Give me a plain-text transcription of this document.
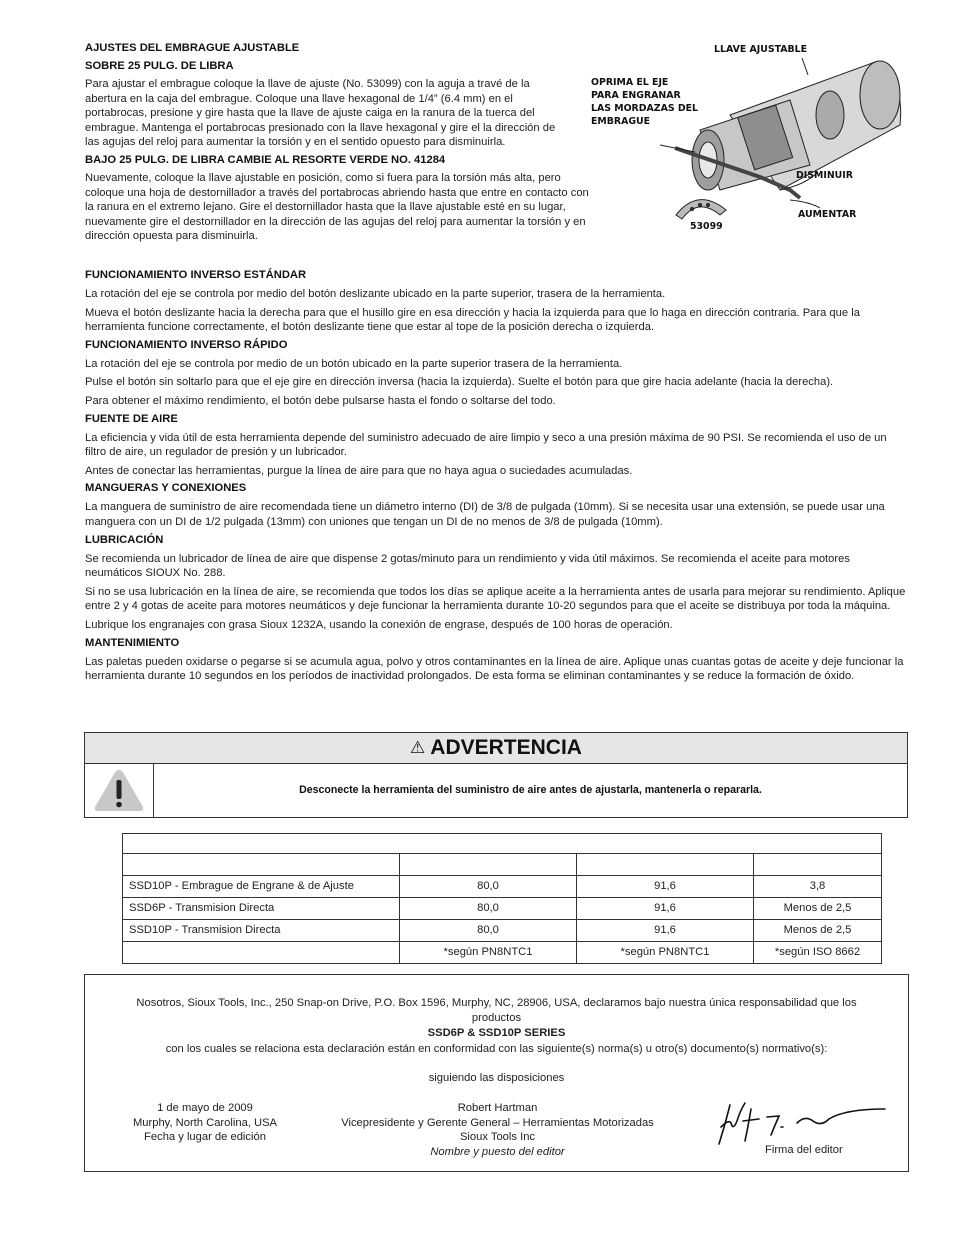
AJUSTES DEL EMBRAGUE AJUSTABLE
SOBRE 25 PULG. DE LIBRA

Para ajustar el embrague coloque la llave de ajuste (No. 53099) con la aguja a travé de la abertura en la caja del embrague. Coloque una llave hexagonal de 1/4” (6.4 mm) en el portabrocas, presione y gire hasta que la llave de ajuste caiga en la ranura de la tuerca del embrague. Mantenga el portabrocas presionado con la llave hexagonal y gire el la dirección de las agujas del reloj para aumentar la torsión y en el sentido opuesto para disminuirla.

BAJO 25 PULG. DE LIBRA CAMBIE AL RESORTE VERDE NO. 41284

Nuevamente, coloque la llave ajustable en posición, como si fuera para la torsión más alta, pero coloque una hoja de destornillador a través del portabrocas abriendo hasta que entre en contacto con la ranura en el extremo lejano. Gire el destornillador hasta que la llave ajustable esté en su lugar, nuevamente gire el destornillador en la dirección de las agujas del reloj para aumentar la torsión y en dirección opuesta para disminuirla.

LLAVE AJUSTABLE
OPRIMA EL EJE
PARA ENGRANAR
LAS MORDAZAS DEL
EMBRAGUE
DISMINUIR
AUMENTAR
53099
FUNCIONAMIENTO INVERSO ESTÁNDAR

La rotación del eje se controla por medio del botón deslizante ubicado en la parte superior, trasera de la herramienta.

Mueva el botón deslizante hacia la derecha para que el husillo gire en esa dirección y hacia la izquierda para que lo haga en dirección contraria. Para que la herramienta funcione correctamente, el botón deslizante tiene que estar al tope de la posición derecha o izquierda.

FUNCIONAMIENTO INVERSO RÁPIDO

La rotación del eje se controla por medio de un botón ubicado en la parte superior trasera de la herramienta.

Pulse el botón sin soltarlo para que el eje gire en dirección inversa (hacia la izquierda). Suelte el botón para que gire hacia adelante (hacia la derecha).

Para obtener el máximo rendimiento, el botón debe pulsarse hasta el fondo o soltarse del todo.

FUENTE DE AIRE

La eficiencia y vida útil de esta herramienta depende del suministro adecuado de aire limpio y seco a una presión máxima de 90 PSI. Se recomienda el uso de un filtro de aire, un regulador de presión y un lubricador.

Antes de conectar las herramientas, purgue la línea de aire para que no haya agua o suciedades acumuladas.

MANGUERAS Y CONEXIONES

La manguera de suministro de aire recomendada tiene un diámetro interno (DI) de 3/8 de pulgada (10mm). Si se necesita usar una extensión, se puede usar una manguera con un DI de 1/2 pulgada (13mm) con uniones que tengan un DI de no menos de 3/8 de pulgada (10mm).

LUBRICACIÓN

Se recomienda un lubricador de línea de aire que dispense 2 gotas/minuto para un rendimiento y vida útil máximos. Se recomienda el aceite para motores neumáticos SIOUX No. 288.

Si no se usa lubricación en la línea de aire, se recomienda que todos los días se aplique aceite a la herramienta antes de usarla para mejorar su rendimiento. Aplique entre 2 y 4 gotas de aceite para motores neumáticos y deje funcionar la herramienta durante 10-20 segundos para que el aceite se distribuya por toda la máquina.

Lubrique los engranajes con grasa Sioux 1232A, usando la conexión de engrase, después de 100 horas de operación.

MANTENIMIENTO

Las paletas pueden oxidarse o pegarse si se acumula agua, polvo y otros contaminantes en la línea de aire. Aplique unas cuantas gotas de aceite y deje funcionar la herramienta durante 10 segundos en los períodos de inactividad prolongados. De esta forma se eliminan contaminantes y se reduce la formación de óxido.

⚠ ADVERTENCIA
Desconecte la herramienta del suministro de aire antes de ajustarla, mantenerla o repararla.

SSD10P - Embrague de Engrane & de Ajuste	80,0	91,6	3,8
SSD6P - Transmision Directa	80,0	91,6	Menos de 2,5
SSD10P - Transmision Directa	80,0	91,6	Menos de 2,5
	*según PN8NTC1	*según PN8NTC1	*según ISO 8662
Nosotros, Sioux Tools, Inc., 250 Snap-on Drive, P.O. Box 1596, Murphy, NC, 28906, USA, declaramos bajo nuestra única responsabilidad que los
productos
SSD6P & SSD10P SERIES
con los cuales se relaciona esta declaración están en conformidad con las siguiente(s) norma(s) u otro(s) documento(s) normativo(s):
siguiendo las disposiciones
1 de mayo de 2009
Murphy, North Carolina, USA
Fecha y lugar de edición
Robert Hartman
Vicepresidente y Gerente General – Herramientas Motorizadas
Sioux Tools Inc
Nombre y puesto del editor	Firma del editor
